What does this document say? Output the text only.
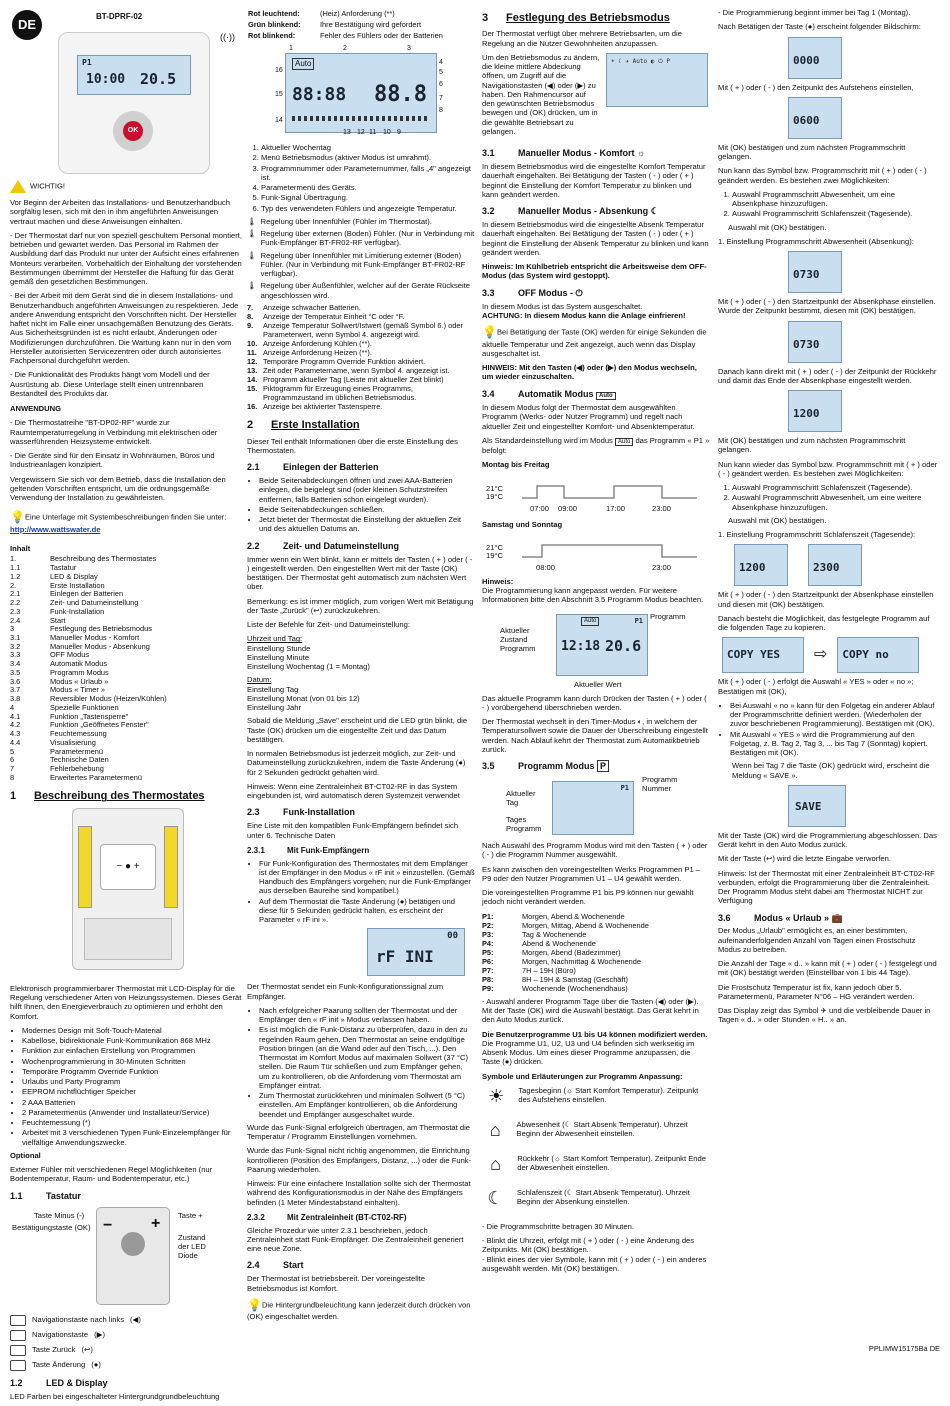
DE
BT-DPRF-02
((·))
P1
10:00 20.5
OK

WICHTIG!

Vor Beginn der Arbeiten das Installations- und Benutzerhandbuch sorgfältig lesen, sich mit den in ihm angeführten Anweisungen vertraut machen und diese Anweisungen einhalten.

- Der Thermostat darf nur von speziell geschultem Personal montiert, betrieben und gewartet werden. Das Personal im Rahmen der Ausbildung darf das Produkt nur unter der Aufsicht eines erfahrenen Monteurs verarbeiten. Vorbehaltlich der Einhaltung der vorstehenden Bestimmungen übernimmt der Hersteller die Haftung für das Gerät gemäß den gesetzlichen Bestimmungen.

- Bei der Arbeit mit dem Gerät sind die in diesem Installations- und Benutzerhandbuch angeführten Anweisungen zu respektieren. Jede andere Anwendung entspricht den Vorschriften nicht. Der Hersteller haftet nicht im Falle einer unsachgemäßen Benutzung des Geräts. Aus Sicherheitsgründen ist es nicht erlaubt, Änderungen oder Modifizierungen durchzuführen. Die Wartung kann nur in den vom Hersteller autorisierten Servicezentren oder durch autorisiertes Fachpersonal durchgeführt werden.

- Die Funktionalität des Produkts hängt vom Modell und der Ausrüstung ab. Diese Unterlage stellt einen untrennbaren Bestandteil des Produkts dar.

ANWENDUNG

- Die Thermostatreihe "BT-DP02-RF" wurde zur Raumtemperaturregelung in Verbindung mit elektrischen oder wasserführenden Heizsysteme entwickelt.

- Die Geräte sind für den Einsatz in Wohnräumen, Büros und Industrieanlagen konzipiert.

Vergewissern Sie sich vor dem Betrieb, dass die Installation den geltenden Vorschriften entspricht, um die ordnungsgemäße Verwendung der Installation zu gewährleisten.

💡Eine Unterlage mit Systembeschreibungen finden Sie unter:
http://www.wattswater.de

Inhalt

1.	Beschreibung des Thermostates
1.1	Tastatur
1.2	LED & Display
2.	Erste Installation
2.1	Einlegen der Batterien
2.2	Zeit- und Datumeinstellung
2.3	Funk-Installation
2.4	Start
3	Festlegung des Betriebsmodus
3.1	Manueller Modus - Komfort
3.2	Manueller Modus - Absenkung
3.3	OFF Modus
3.4	Automatik Modus
3.5	Programm Modus
3.6	Modus « Urlaub »
3.7	Modus « Timer »
3.8	Reversibler Modus (Heizen/Kühlen)
4	Spezielle Funktionen
4.1	Funktion „Tastensperre"
4.2	Funktion „Geöffnetes Fenster"
4.3	Feuchtemessung
4.4	Visualisierung
5	Parametermenü
6	Technische Daten
7	Fehlerbehebung
8	Erweitertes Parametermenü
1 Beschreibung des Thermostates
− ● +

Elektronisch programmierbarer Thermostat mit LCD-Display für die Regelung verschiedener Arten von Heizungssystemen. Dieses Gerät hilft Ihnen, den Energieverbrauch zu optimieren und erhöht den Komfort.

• Modernes Design mit Soft-Touch-Material
• Kabellose, bidirektionale Funk-Kommunikation 868 MHz
• Funktion zur einfachen Erstellung von Programmen
• Wochenprogrammierung in 30-Minuten Schritten
• Temporäre Programm Override Funktion
• Urlaubs und Party Programm
• EEPROM nichtflüchtiger Speicher
• 2 AAA Batterien
• 2 Parametermenüs (Anwender und Installateur/Service)
• Feuchtemessung (*)
• Arbeitet mit 3 verschiedenen Typen Funk-Einzelempfänger für vielfältige Anwendungszwecke.

Optional

Externer Fühler mit verschiedenen Regel Möglichkeiten (nur Bodentemperatur, Raum- und Bodentemperatur, etc.)

1.1	Tastatur
Taste Minus (-)	Taste +
Bestätigungstaste (OK)
Zustand der LED Diode
− +
Navigationstaste nach links (◀)
Navigationstaste (▶)
Taste Zurück (↩)
Taste Änderung (●)
1.2	LED & Display

LED Farben bei eingeschalteter Hintergrundgrundbeleuchtung

Rot leuchtend:	(Heiz) Anforderung (**)
Grün blinkend:	Ihre Bestätigung wird gefordert
Rot blinkend:	Fehler des Fühlers oder der Batterien
Auto
88:88 88.8
1	2	3
4
5
6
7
8
9
10
11
12
13
14
15
16
1. Aktueller Wochentag
2. Menü Betriebsmodus (aktiver Modus ist umrahmt).
3. Programmnummer oder Parameternummer, falls „4" angezeigt ist.
4. Parametermenü des Geräts.
5. Funk-Signal Übertragung.
6. Typ des verwendeten Fühlers und angezeigte Temperatur.
🌡 Regelung über Innenfühler (Fühler im Thermostat).
🌡 Regelung über externen (Boden) Fühler. (Nur in Verbindung mit Funk-Empfänger BT-FR02-RF verfügbar).
🌡 Regelung über Innenfühler mit Limitierung externer (Boden) Fühler. (Nur in Verbindung mit Funk-Empfänger BT-FR02-RF verfügbar).
🌡 Regelung über Außenfühler, welcher auf der Geräte Rückseite angeschlossen wird.
7.	Anzeige schwacher Batterien.
8.	Anzeige der Temperatur Einheit °C oder °F.
9.	Anzeige Temperatur Sollwert/Istwert (gemäß Symbol 6.) oder Parameterwert, wenn Symbol 4. angezeigt wird.
10.	Anzeige Anforderung Kühlen (**).
11.	Anzeige Anforderung Heizen (**).
12.	Temporäre Programm Override Funktion aktiviert.
13.	Zeit oder Parametername, wenn Symbol 4. angezeigt ist.
14.	Programm aktueller Tag (Leiste mit aktueller Zeit blinkt)
15.	Piktogramm für Erzeugung eines Programms, Programmzustand im üblichen Betriebsmodus.
16.	Anzeige bei aktivierter Tastensperre.
2 Erste Installation

Dieser Teil enthält Informationen über die erste Einstellung des Thermostaten.

2.1	Einlegen der Batterien
• Beide Seitenabdeckungen öffnen und zwei AAA-Batterien einlegen, die beigelegt sind (oder kleinen Schutzstreifen entfernen, falls Batterien schon eingelegt wurden).
• Beide Seitenabdeckungen schließen.
• Jetzt bietet der Thermostat die Einstellung der aktuellen Zeit und des aktuellen Datums an.
2.2	Zeit- und Datumeinstellung

Immer wenn ein Wert blinkt, kann er mittels der Tasten ( + ) oder ( - ) eingestellt werden. Den eingestellten Wert mit der Taste (OK) bestätigen. Der Thermostat geht automatisch zum nächsten Wert über.

Bemerkung: es ist immer möglich, zum vorigen Wert mit Betätigung der Taste „Zurück" (↩) zurückzukehren.

Liste der Befehle für Zeit- und Datumeinstellung:

Uhrzeit und Tag:

Einstellung Stunde
Einstellung Minute
Einstellung Wochentag (1 = Montag)

Datum:

Einstellung Tag
Einstellung Monat (von 01 bis 12)
Einstellung Jahr

Sobald die Meldung „Save" erscheint und die LED grün blinkt, die Taste (OK) drücken um die eingestellte Zeit und das Datum bestätigen.

In normalen Betriebsmodus ist jederzeit möglich, zur Zeit- und Datumeinstellung zurückzukehren, indem die Taste Änderung (●) für 2 Sekunden gedrückt gehalten wird.

Hinweis: Wenn eine Zentraleinheit BT-CT02-RF in das System eingebunden ist, wird automatisch deren Systemzeit verwendet

2.3	Funk-Installation

Eine Liste mit den kompatiblen Funk-Empfängern befindet sich unter 6. Technische Daten

2.3.1	Mit Funk-Empfängern
• Für Funk-Konfiguration des Thermostates mit dem Empfänger ist der Empfänger in den Modus « rF init » einzustellen. (Gemäß Handbuch des Empfängers vorgehen; nur die Funk-Empfänger aus derselben Baureihe sind kompatibel.)
• Auf dem Thermostat die Taste Änderung (●) betätigen und diese für 5 Sekunden gedrückt halten, es erscheint der Parameter « rF ini ».
00
rF INI

Der Thermostat sendet ein Funk-Konfigurationssignal zum Empfänger.

• Nach erfolgreicher Paarung sollten der Thermostat und der Empfänger den « rF init » Modus verlassen haben.
• Es ist möglich die Funk-Distanz zu überprüfen, dazu in den zu regelnden Raum gehen. Den Thermostat an seine endgültige Position bringen (an die Wand oder auf den Tisch, ...). Den Thermostat im Komfort Modus auf maximalen Sollwert (37 °C) stellen. Die Raum Tür schließen und zum Empfänger gehen, um zu kontrollieren, ob die Anforderung vom Thermostat am Empfänger eintrat.
• Zum Thermostat zurückkehren und minimalen Sollwert (5 °C) einstellen. Am Empfänger kontrollieren, ob die Anforderung beendet und Empfänger ausgeschaltet wurde.

Wurde das Funk-Signal erfolgreich übertragen, am Thermostat die Temperatur / Programm Einstellungen vornehmen.

Wurde das Funk-Signal nicht richtig angenommen, die Einrichtung kontrollieren (Position des Empfängers, Distanz, ...) oder die Funk-Paarung wiederholen.

Hinweis: Für eine einfachere Installation sollte sich der Thermostat während des Konfigurationsmodus in der Nähe des Empfängers befinden (1 Meter Mindestabstand einhalten).

2.3.2	Mit Zentraleinheit (BT-CT02-RF)

Gleiche Prozedur wie unter 2.3.1 beschrieben, jedoch Zentraleinheit statt Funk-Empfänger. Die Zentraleinheit generiert eine neue Zone.

2.4	Start

Der Thermostat ist betriebsbereit. Der voreingestellte Betriebsmodus ist Komfort.

💡Die Hintergrundbeleuchtung kann jederzeit durch drücken von (OK) eingeschaltet werden.

3 Festlegung des Betriebsmodus

Der Thermostat verfügt über mehrere Betriebsarten, um die Regelung an die Nutzer Gewohnheiten anzupassen.

Um den Betriebsmodus zu ändern, die kleine mittlere Abdeckung öffnen, um Zugriff auf die Navigationstasten (◀) oder (▶) zu haben. Den Rahmencursor auf den gewünschten Betriebsmodus bewegen und (OK) drücken, um in die gewählte Betriebsart zu gelangen.

☀ ☾ ✈ Auto ◐ ⏻ P
3.1	Manueller Modus - Komfort ☼

In diesem Betriebsmodus wird die eingestellte Komfort Temperatur dauerhaft eingehalten. Bei Betätigung der Tasten ( - ) oder ( + ) beginnt die Einstellung der Komfort Temperatur zu blinken und kann geändert werden.

3.2	Manueller Modus - Absenkung ☾

In diesem Betriebsmodus wird die eingestellte Absenk Temperatur dauerhaft eingehalten. Bei Betätigung der Tasten ( - ) oder ( + ) beginnt die Einstellung der Absenk Temperatur zu blinken und kann geändert werden.

Hinweis: Im Kühlbetrieb entspricht die Arbeitsweise dem OFF-Modus (das System wird gestoppt).

3.3	OFF Modus - ⏻

In diesem Modus ist das System ausgeschaltet.

ACHTUNG: In diesem Modus kann die Anlage einfrieren!

💡Bei Betätigung der Taste (OK) werden für einige Sekunden die aktuelle Temperatur und Zeit angezeigt, auch wenn das Display ausgeschaltet ist.

HINWEIS: Mit den Tasten (◀) oder (▶) den Modus wechseln, um wieder einzuschalten.

3.4	Automatik Modus Auto

In diesem Modus folgt der Thermostat dem ausgewählten Programm (Werks- oder Nutzer Programm) und regelt nach aktueller Zeit und eingestellter Komfort- und Absenktemperatur.

Als Standardeinstellung wird im Modus Auto das Programm « P1 » befolgt:

Montag bis Freitag

21°C
19°C
07:00 09:00	17:00	23:00

Samstag und Sonntag

21°C
19°C
08:00	23:00

Hinweis:

Die Programmierung kann angepasst werden. Für weitere Informationen bitte den Abschnitt 3.5 Programm Modus beachten.

Programm
Aktueller Zustand Programm
Auto	P1
12:18 20.6
Aktueller Wert

Das aktuelle Programm kann durch Drücken der Tasten ( + ) oder ( - ) vorübergehend überschrieben werden.

Der Thermostat wechselt in den Timer-Modus ◐, in welchem der Temperatursollwert sowie die Dauer der Überschreibung eingestellt werden. Nach Ablauf kehrt der Thermostat zum Automatikbetrieb zurück.

3.5	Programm Modus P
Aktueller Tag
Programm Nummer
Tages Programm
P1

Nach Auswahl des Programm Modus wird mit den Tasten ( + ) oder ( - ) die Programm Nummer ausgewählt.

Es kann zwischen den voreingestellten Werks Programmen P1 – P9 oder den Nutzer Programmen U1 – U4 gewählt werden.

Die voreingestellten Programme P1 bis P9 können nur gewählt jedoch nicht verändert werden.

P1:	Morgen, Abend & Wochenende
P2:	Morgen, Mittag, Abend & Wochenende
P3:	Tag & Wochenende
P4:	Abend & Wochenende
P5:	Morgen, Abend (Badezimmer)
P6:	Morgen, Nachmittag & Wochenende
P7:	7H – 19H (Büro)
P8:	8H – 19H & Samstag (Geschäft)
P9:	Wochenende (Wochenendhaus)

- Auswahl anderer Programm Tage über die Tasten (◀) oder (▶). Mit der Taste (OK) wird die Auswahl bestätigt. Das Gerät kehrt in den Auto Modus zurück.

Die Benutzerprogramme U1 bis U4 können modifiziert werden.

Die Programme U1, U2, U3 und U4 befinden sich werkseitig im Absenk Modus. Um eines dieser Programme anzupassen, die Taste (●) drücken.

Symbole und Erläuterungen zur Programm Anpassung:

☀	Tagesbeginn (☼ Start Komfort Temperatur). Zeitpunkt des Aufstehens einstellen.
⌂	Abwesenheit (☾ Start Absenk Temperatur). Uhrzeit Beginn der Abwesenheit einstellen.
⌂	Rückkehr (☼ Start Komfort Temperatur). Zeitpunkt Ende der Abwesenheit einstellen.
☾	Schlafenszeit (☾ Start Absenk Temperatur). Uhrzeit Beginn der Absenkung einstellen.

- Die Programmschritte betragen 30 Minuten.

- Blinkt die Uhrzeit, erfolgt mit ( + ) oder ( - ) eine Änderung des Zeitpunkts. Mit (OK) bestätigen.

- Blinkt eines der vier Symbole, kann mit ( + ) oder ( - ) ein anderes ausgewählt werden. Mit (OK) bestätigen.

- Die Programmierung beginnt immer bei Tag 1 (Montag).

Nach Betätigen der Taste (●) erscheint folgender Bildschirm:

0000

Mit ( + ) oder ( - ) den Zeitpunkt des Aufstehens einstellen,

0600

Mit (OK) bestätigen und zum nächsten Programmschritt gelangen.

Nun kann das Symbol bzw. Programmschritt mit ( + ) oder ( - ) geändert werden. Es bestehen zwei Möglichkeiten:

1. Auswahl Programmschritt Abwesenheit, um eine Absenkphase hinzuzufügen.
2. Auswahl Programmschritt Schlafenszeit (Tagesende).

Auswahl mit (OK) bestätigen.

1. Einstellung Programmschritt Abwesenheit (Absenkung):

0730

Mit ( + ) oder ( - ) den Startzeitpunkt der Absenkphase einstellen. Wurde der Zeitpunkt bestimmt, diesen mit (OK) bestätigen.

0730

Danach kann direkt mit ( + ) oder ( - ) der Zeitpunkt der Rückkehr und damit das Ende der Absenkphase eingestellt werden.

1200

Mit (OK) bestätigen und zum nächsten Programmschritt gelangen.

Nun kann wieder das Symbol bzw. Programmschritt mit ( + ) oder ( - ) geändert werden. Es bestehen zwei Möglichkeiten:

1. Auswahl Programmschritt Schlafenszeit (Tagesende).
2. Auswahl Programmschritt Abwesenheit, um eine weitere Absenkphase hinzuzufügen.

Auswahl mit (OK) bestätigen.

1. Einstellung Programmschritt Schlafenszeit (Tagesende):

1200	2300

Mit ( + ) oder ( - ) den Startzeitpunkt der Absenkphase einstellen und diesen mit (OK) bestätigen.

Danach besteht die Möglichkeit, das festgelegte Programm auf die folgenden Tage zu kopieren.

COPY YES ⇨ COPY no

Mit ( + ) oder ( - ) erfolgt die Auswahl « YES » oder « no »; Bestätigen mit (OK),

• Bei Auswahl « no » kann für den Folgetag ein anderer Ablauf der Programmschritte definiert werden. (Wiederholen der zuvor beschriebenen Programmierung). Bestätigen mit (OK).
• Mit Auswahl « YES » wird die Programmierung auf den Folgetag, z. B. Tag 2, Tag 3, ... bis Tag 7 (Sonntag) kopiert. Bestätigen mit (OK).

Wenn bei Tag 7 die Taste (OK) gedrückt wird, erscheint die Meldung « SAVE ».

SAVE

Mit der Taste (OK) wird die Programmierung abgeschlossen. Das Gerät kehrt in den Auto Modus zurück.

Mit der Taste (↩) wird die letzte Eingabe verworfen.

Hinweis: Ist der Thermostat mit einer Zentraleinheit BT-CT02-RF verbunden, erfolgt die Programmierung über die Zentraleinheit. Der Programm Modus steht dabei am Thermostat NICHT zur Verfügung

3.6	Modus « Urlaub » 💼

Der Modus „Urlaub" ermöglicht es, an einer bestimmten, aufeinanderfolgenden Anzahl von Tagen einen Frostschutz Modus zu betreiben.

Die Anzahl der Tage « d.. » kann mit ( + ) oder ( - ) festgelegt und mit (OK) bestätigt werden (Einstellbar von 1 bis 44 Tage).

Die Frostschutz Temperatur ist fix, kann jedoch über 5. Parametermenü, Parameter N°06 – HG verändert werden.

Das Display zeigt das Symbol ✈ und die verbleibende Dauer in Tagen « d.. » oder Stunden « H.. » an.

PPLIMW15175Ba DE
